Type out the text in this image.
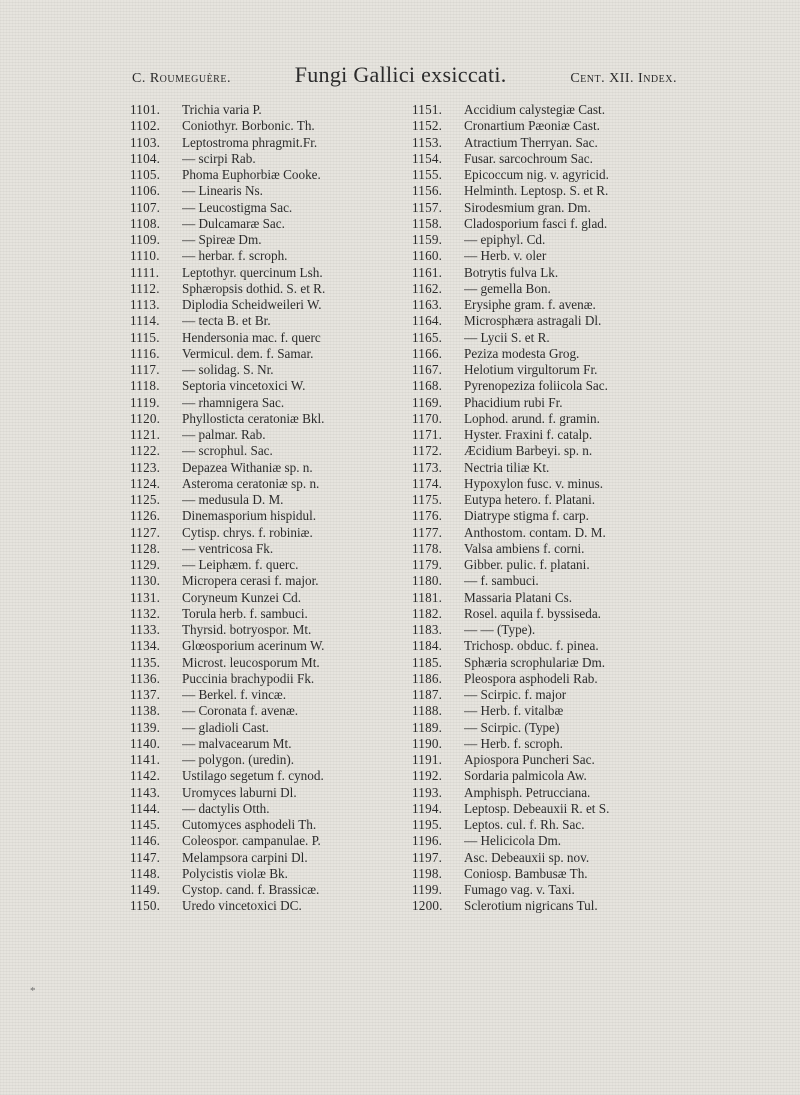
C. Roumeguère.	Fungi Gallici exsiccati.	Cent. XII. Index.
1101.	Trichia varia P.
1102.	Coniothyr. Borbonic. Th.
1103.	Leptostroma phragmit.Fr.
1104.	— scirpi Rab.
1105.	Phoma Euphorbiæ Cooke.
1106.	— Linearis Ns.
1107.	— Leucostigma Sac.
1108.	— Dulcamaræ Sac.
1109.	— Spireæ Dm.
1110.	— herbar. f. scroph.
1111.	Leptothyr. quercinum Lsh.
1112.	Sphæropsis dothid. S. et R.
1113.	Diplodia Scheidweileri W.
1114.	— tecta B. et Br.
1115.	Hendersonia mac. f. querc
1116.	Vermicul. dem. f. Samar.
1117.	— solidag. S. Nr.
1118.	Septoria vincetoxici W.
1119.	— rhamnigera Sac.
1120.	Phyllosticta ceratoniæ Bkl.
1121.	— palmar. Rab.
1122.	— scrophul. Sac.
1123.	Depazea Withaniæ sp. n.
1124.	Asteroma ceratoniæ sp. n.
1125.	— medusula D. M.
1126.	Dinemasporium hispidul.
1127.	Cytisp. chrys. f. robiniæ.
1128.	— ventricosa Fk.
1129.	— Leiphæm. f. querc.
1130.	Micropera cerasi f. major.
1131.	Coryneum Kunzei Cd.
1132.	Torula herb. f. sambuci.
1133.	Thyrsid. botryospor. Mt.
1134.	Glœosporium acerinum W.
1135.	Microst. leucosporum Mt.
1136.	Puccinia brachypodii Fk.
1137.	— Berkel. f. vincæ.
1138.	— Coronata f. avenæ.
1139.	— gladioli Cast.
1140.	— malvacearum Mt.
1141.	— polygon. (uredin).
1142.	Ustilago segetum f. cynod.
1143.	Uromyces laburni Dl.
1144.	— dactylis Otth.
1145.	Cutomyces asphodeli Th.
1146.	Coleospor. campanulae. P.
1147.	Melampsora carpini Dl.
1148.	Polycistis violæ Bk.
1149.	Cystop. cand. f. Brassicæ.
1150.	Uredo vincetoxici DC.
1151.	Accidium calystegiæ Cast.
1152.	Cronartium Pæoniæ Cast.
1153.	Atractium Therryan. Sac.
1154.	Fusar. sarcochroum Sac.
1155.	Epicoccum nig. v. agyricid.
1156.	Helminth. Leptosp. S. et R.
1157.	Sirodesmium gran. Dm.
1158.	Cladosporium fasci f. glad.
1159.	— epiphyl. Cd.
1160.	— Herb. v. oler
1161.	Botrytis fulva Lk.
1162.	— gemella Bon.
1163.	Erysiphe gram. f. avenæ.
1164.	Microsphæra astragali Dl.
1165.	— Lycii S. et R.
1166.	Peziza modesta Grog.
1167.	Helotium virgultorum Fr.
1168.	Pyrenopeziza foliicola Sac.
1169.	Phacidium rubi Fr.
1170.	Lophod. arund. f. gramin.
1171.	Hyster. Fraxini f. catalp.
1172.	Æcidium Barbeyi. sp. n.
1173.	Nectria tiliæ Kt.
1174.	Hypoxylon fusc. v. minus.
1175.	Eutypa hetero. f. Platani.
1176.	Diatrype stigma f. carp.
1177.	Anthostom. contam. D. M.
1178.	Valsa ambiens f. corni.
1179.	Gibber. pulic. f. platani.
1180.	— f. sambuci.
1181.	Massaria Platani Cs.
1182.	Rosel. aquila f. byssiseda.
1183.	— — (Type).
1184.	Trichosp. obduc. f. pinea.
1185.	Sphæria scrophulariæ Dm.
1186.	Pleospora asphodeli Rab.
1187.	— Scirpic. f. major
1188.	— Herb. f. vitalbæ
1189.	— Scirpic. (Type)
1190.	— Herb. f. scroph.
1191.	Apiospora Puncheri Sac.
1192.	Sordaria palmicola Aw.
1193.	Amphisph. Petrucciana.
1194.	Leptosp. Debeauxii R. et S.
1195.	Leptos. cul. f. Rh. Sac.
1196.	— Helicicola Dm.
1197.	Asc. Debeauxii sp. nov.
1198.	Coniosp. Bambusæ Th.
1199.	Fumago vag. v. Taxi.
1200.	Sclerotium nigricans Tul.
*
